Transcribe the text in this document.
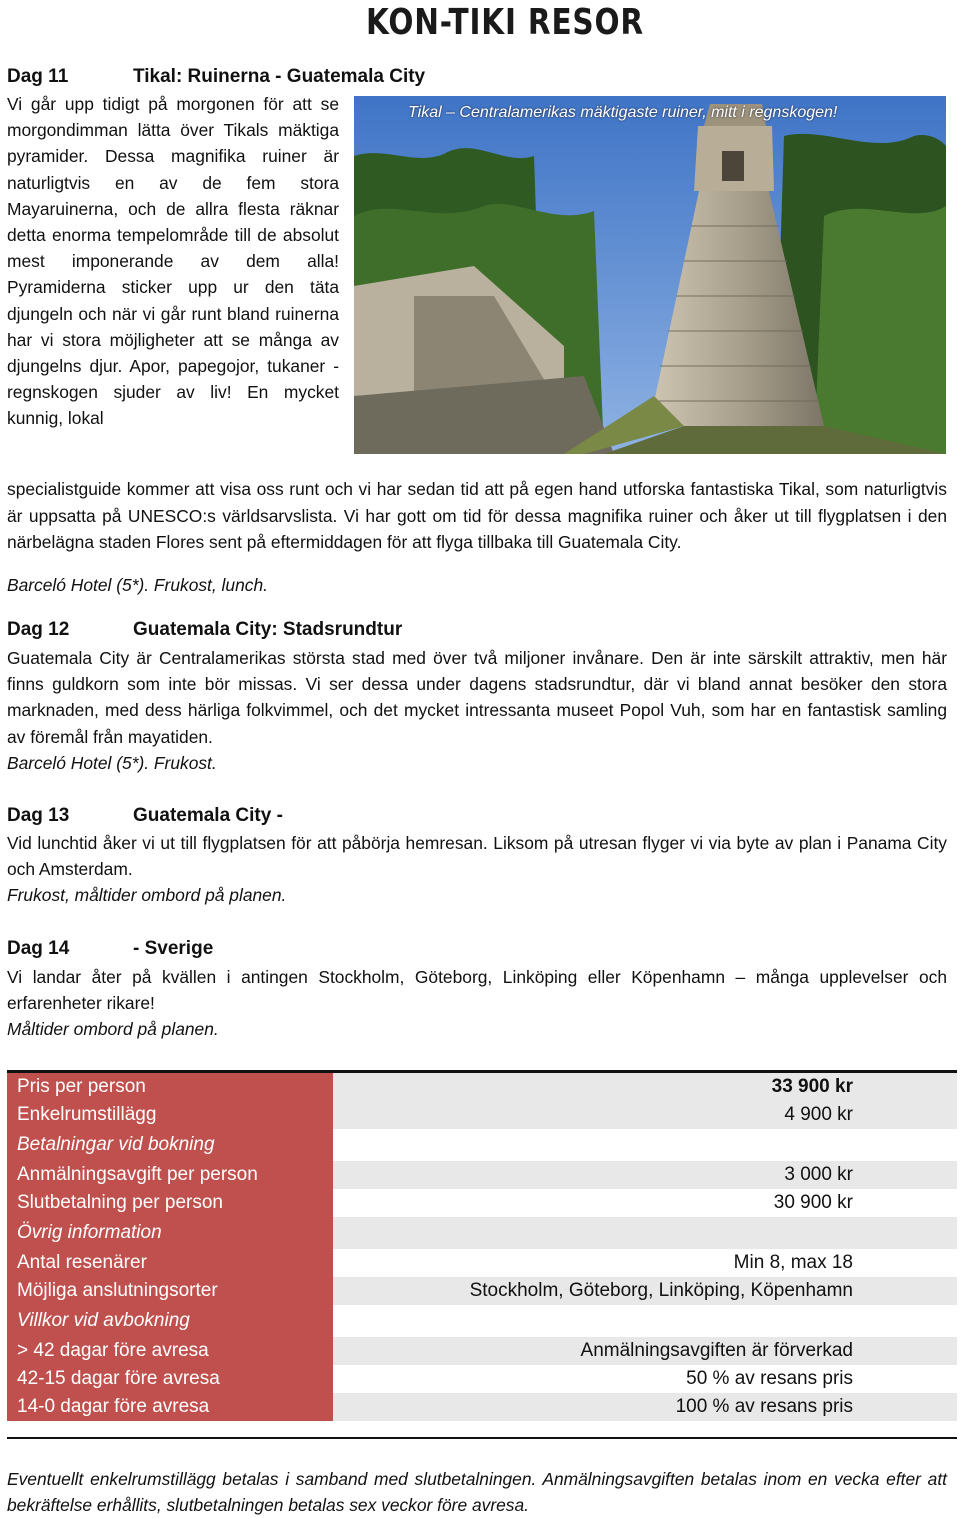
KON-TIKI RESOR
Dag 11	Tikal: Ruinerna - Guatemala City
Tikal – Centralamerikas mäktigaste ruiner, mitt i regnskogen!
Vi går upp tidigt på morgonen för att se morgondimman lätta över Tikals mäktiga pyramider. Dessa magnifika ruiner är naturligtvis en av de fem stora Mayaruinerna, och de allra flesta räknar detta enorma tempelområde till de absolut mest imponerande av dem alla! Pyramiderna sticker upp ur den täta djungeln och när vi går runt bland ruinerna har vi stora möjligheter att se många av djungelns djur. Apor, papegojor, tukaner - regnskogen sjuder av liv! En mycket kunnig, lokal

specialistguide kommer att visa oss runt och vi har sedan tid att på egen hand utforska fantastiska Tikal, som naturligtvis är uppsatta på UNESCO:s världsarvslista. Vi har gott om tid för dessa magnifika ruiner och åker ut till flygplatsen i den närbelägna staden Flores sent på eftermiddagen för att flyga tillbaka till Guatemala City.

Barceló Hotel (5*). Frukost, lunch.

Dag 12	Guatemala City: Stadsrundtur

Guatemala City är Centralamerikas största stad med över två miljoner invånare. Den är inte särskilt attraktiv, men här finns guldkorn som inte bör missas. Vi ser dessa under dagens stadsrundtur, där vi bland annat besöker den stora marknaden, med dess härliga folkvimmel, och det mycket intressanta museet Popol Vuh, som har en fantastisk samling av föremål från mayatiden.

Barceló Hotel (5*). Frukost.

Dag 13	Guatemala City -

Vid lunchtid åker vi ut till flygplatsen för att påbörja hemresan. Liksom på utresan flyger vi via byte av plan i Panama City och Amsterdam.

Frukost, måltider ombord på planen.

Dag 14	- Sverige

Vi landar åter på kvällen i antingen Stockholm, Göteborg, Linköping eller Köpenhamn – många upplevelser och erfarenheter rikare!

Måltider ombord på planen.

Pris per person	33 900 kr
Enkelrumstillägg	4 900 kr
Betalningar vid bokning	
Anmälningsavgift per person	3 000 kr
Slutbetalning per person	30 900 kr
Övrig information	
Antal resenärer	Min 8, max 18
Möjliga anslutningsorter	Stockholm, Göteborg, Linköping, Köpenhamn
Villkor vid avbokning	
> 42 dagar före avresa	Anmälningsavgiften är förverkad
42-15 dagar före avresa	50 % av resans pris
14-0 dagar före avresa	100 % av resans pris
Eventuellt enkelrumstillägg betalas i samband med slutbetalningen. Anmälningsavgiften betalas inom en vecka efter att bekräftelse erhållits, slutbetalningen betalas sex veckor före avresa.
